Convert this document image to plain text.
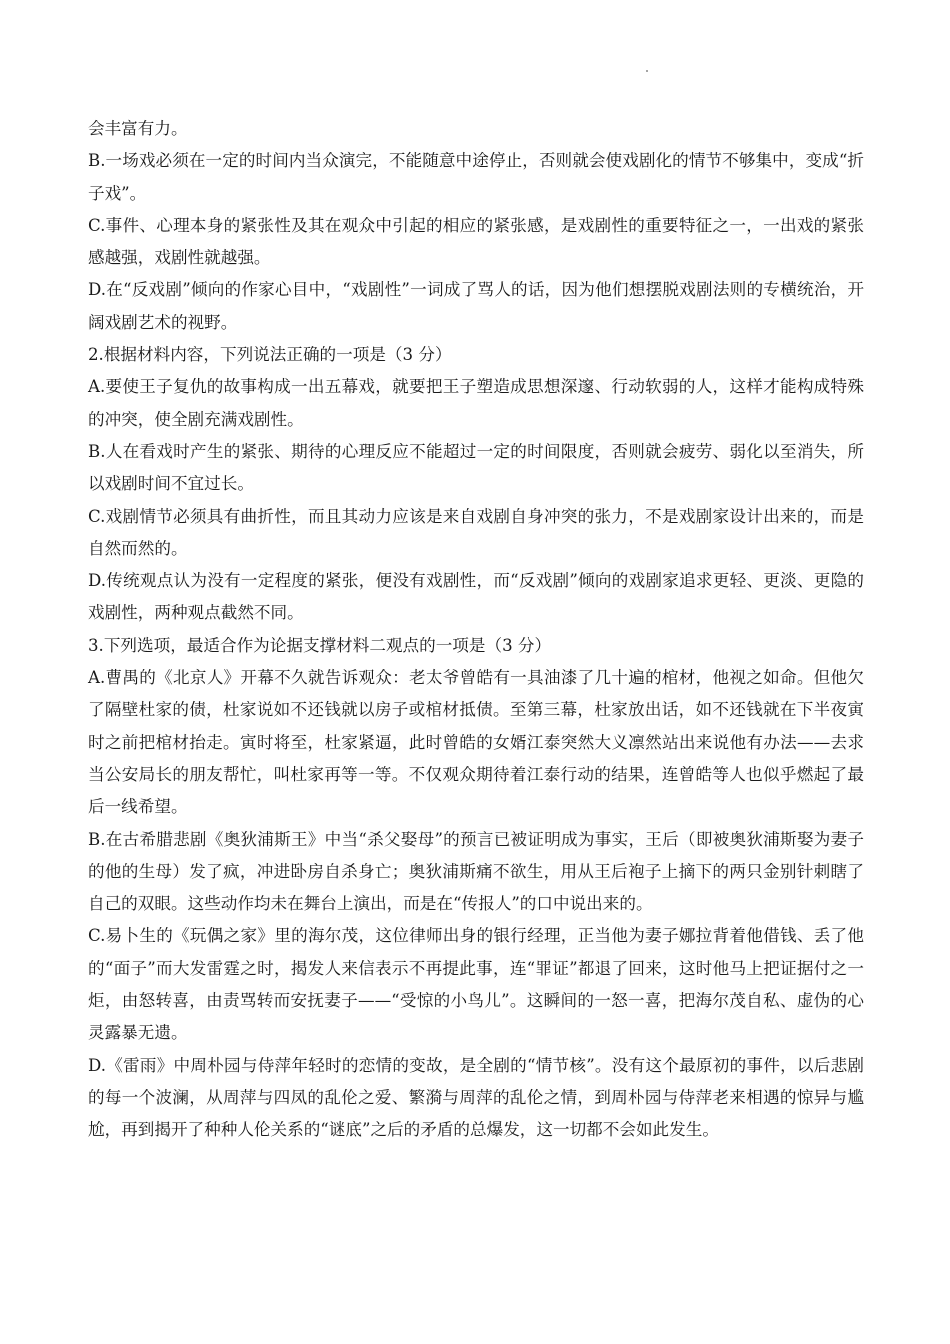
会丰富有力。

B.一场戏必须在一定的时间内当众演完，不能随意中途停止，否则就会使戏剧化的情节不够集中，变成“折子戏”。

C.事件、心理本身的紧张性及其在观众中引起的相应的紧张感，是戏剧性的重要特征之一，一出戏的紧张感越强，戏剧性就越强。

D.在“反戏剧”倾向的作家心目中，“戏剧性”一词成了骂人的话，因为他们想摆脱戏剧法则的专横统治，开阔戏剧艺术的视野。

2.根据材料内容，下列说法正确的一项是（3 分）

A.要使王子复仇的故事构成一出五幕戏，就要把王子塑造成思想深邃、行动软弱的人，这样才能构成特殊的冲突，使全剧充满戏剧性。

B.人在看戏时产生的紧张、期待的心理反应不能超过一定的时间限度，否则就会疲劳、弱化以至消失，所以戏剧时间不宜过长。

C.戏剧情节必须具有曲折性，而且其动力应该是来自戏剧自身冲突的张力，不是戏剧家设计出来的，而是自然而然的。

D.传统观点认为没有一定程度的紧张，便没有戏剧性，而“反戏剧”倾向的戏剧家追求更轻、更淡、更隐的戏剧性，两种观点截然不同。

3.下列选项，最适合作为论据支撑材料二观点的一项是（3 分）

A.曹禺的《北京人》开幕不久就告诉观众：老太爷曾皓有一具油漆了几十遍的棺材，他视之如命。但他欠了隔壁杜家的债，杜家说如不还钱就以房子或棺材抵债。至第三幕，杜家放出话，如不还钱就在下半夜寅时之前把棺材抬走。寅时将至，杜家紧逼，此时曾皓的女婿江泰突然大义凛然站出来说他有办法——去求当公安局长的朋友帮忙，叫杜家再等一等。不仅观众期待着江泰行动的结果，连曾皓等人也似乎燃起了最后一线希望。

B.在古希腊悲剧《奥狄浦斯王》中当“杀父娶母”的预言已被证明成为事实，王后（即被奥狄浦斯娶为妻子的他的生母）发了疯，冲进卧房自杀身亡；奥狄浦斯痛不欲生，用从王后袍子上摘下的两只金别针刺瞎了自己的双眼。这些动作均未在舞台上演出，而是在“传报人”的口中说出来的。

C.易卜生的《玩偶之家》里的海尔茂，这位律师出身的银行经理，正当他为妻子娜拉背着他借钱、丢了他的“面子”而大发雷霆之时，揭发人来信表示不再提此事，连“罪证”都退了回来，这时他马上把证据付之一炬，由怒转喜，由责骂转而安抚妻子——“受惊的小鸟儿”。这瞬间的一怒一喜，把海尔茂自私、虚伪的心灵露暴无遗。

D.《雷雨》中周朴园与侍萍年轻时的恋情的变故，是全剧的“情节核”。没有这个最原初的事件，以后悲剧的每一个波澜，从周萍与四凤的乱伦之爱、繁漪与周萍的乱伦之情，到周朴园与侍萍老来相遇的惊异与尴尬，再到揭开了种种人伦关系的“谜底”之后的矛盾的总爆发，这一切都不会如此发生。
